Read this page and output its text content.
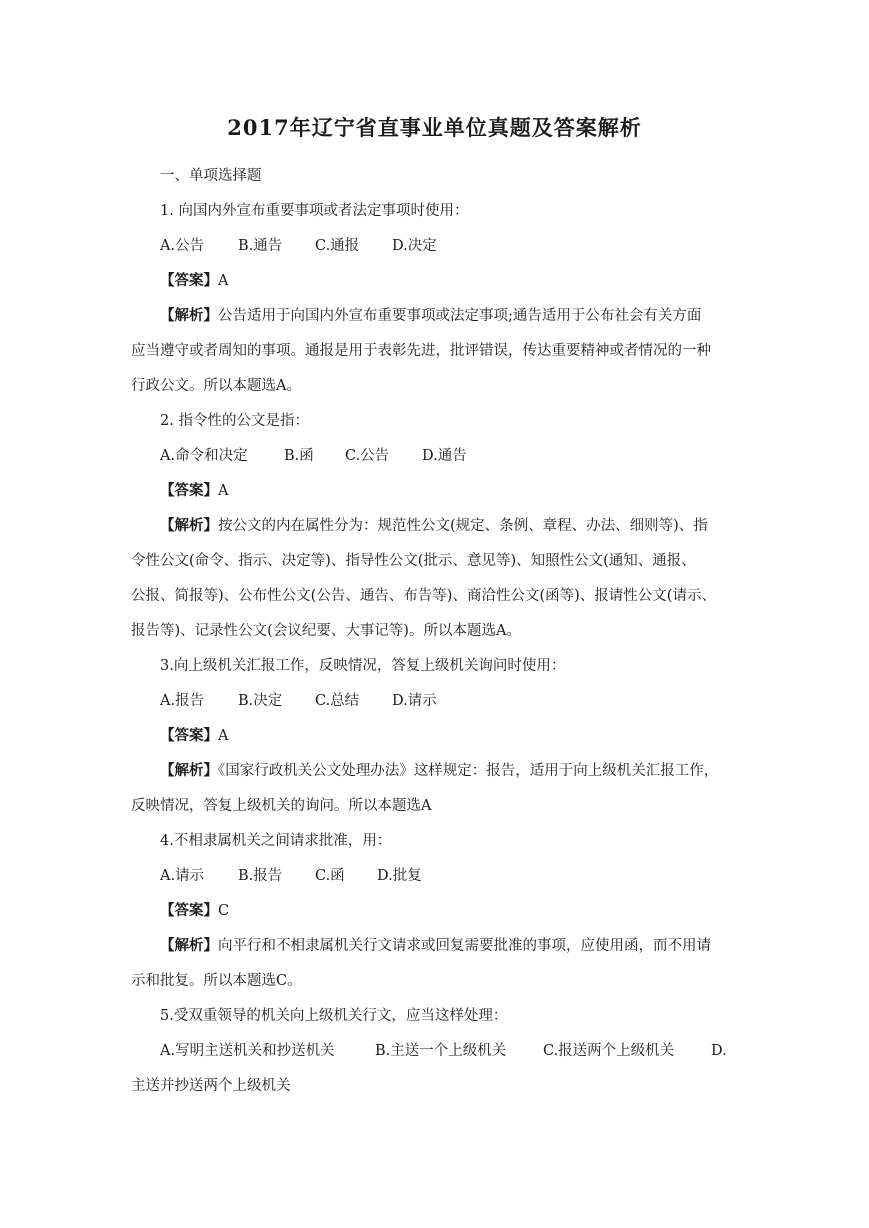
2017年辽宁省直事业单位真题及答案解析
一、单项选择题
1. 向国内外宣布重要事项或者法定事项时使用：
A.公告 B.通告 C.通报 D.决定
【答案】A
【解析】公告适用于向国内外宣布重要事项或法定事项;通告适用于公布社会有关方面
应当遵守或者周知的事项。通报是用于表彰先进，批评错误，传达重要精神或者情况的一种
行政公文。所以本题选A。
2. 指令性的公文是指：
A.命令和决定	B.函 C.公告 D.通告
【答案】A
【解析】按公文的内在属性分为：规范性公文(规定、条例、章程、办法、细则等)、指
令性公文(命令、指示、决定等)、指导性公文(批示、意见等)、知照性公文(通知、通报、
公报、简报等)、公布性公文(公告、通告、布告等)、商洽性公文(函等)、报请性公文(请示、
报告等)、记录性公文(会议纪要、大事记等)。所以本题选A。
3.向上级机关汇报工作，反映情况，答复上级机关询问时使用：
A.报告 B.决定 C.总结 D.请示
【答案】A
【解析】《国家行政机关公文处理办法》这样规定：报告，适用于向上级机关汇报工作，
反映情况，答复上级机关的询问。所以本题选A
4.不相隶属机关之间请求批准，用：
A.请示 B.报告 C.函 D.批复
【答案】C
【解析】向平行和不相隶属机关行文请求或回复需要批准的事项，应使用函，而不用请
示和批复。所以本题选C。
5.受双重领导的机关向上级机关行文，应当这样处理：
A.写明主送机关和抄送机关	B.主送一个上级机关	C.报送两个上级机关	D.
主送并抄送两个上级机关
